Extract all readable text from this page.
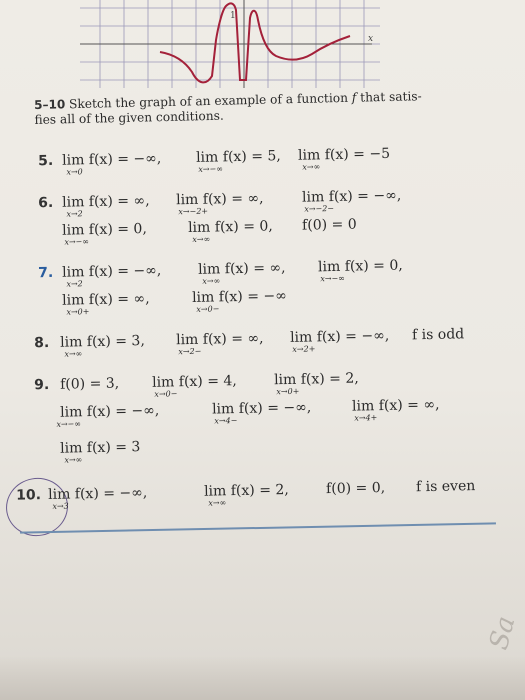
1
x
5–10 Sketch the graph of an example of a function f that satis-
fies all of the given conditions.
5. lim f(x) = −∞,
x→0
lim f(x) = 5,
x→−∞
lim f(x) = −5
x→∞
6. lim f(x) = ∞,
x→2
lim f(x) = ∞,
x→−2+
lim f(x) = −∞,
x→−2−
lim f(x) = 0,
x→−∞
lim f(x) = 0,
x→∞
f(0) = 0
7. lim f(x) = −∞,
x→2
lim f(x) = ∞,
x→∞
lim f(x) = 0,
x→−∞
lim f(x) = ∞,
x→0+
lim f(x) = −∞
x→0−
8. lim f(x) = 3,
x→∞
lim f(x) = ∞,
x→2−
lim f(x) = −∞,
x→2+
f is odd
9. f(0) = 3, lim f(x) = 4,
x→0−
lim f(x) = 2,
x→0+
lim f(x) = −∞,
x→−∞
lim f(x) = −∞,
x→4−
lim f(x) = ∞,
x→4+
lim f(x) = 3
x→∞
10. lim f(x) = −∞,
x→3
lim f(x) = 2,
x→∞
f(0) = 0, f is even
Sa
